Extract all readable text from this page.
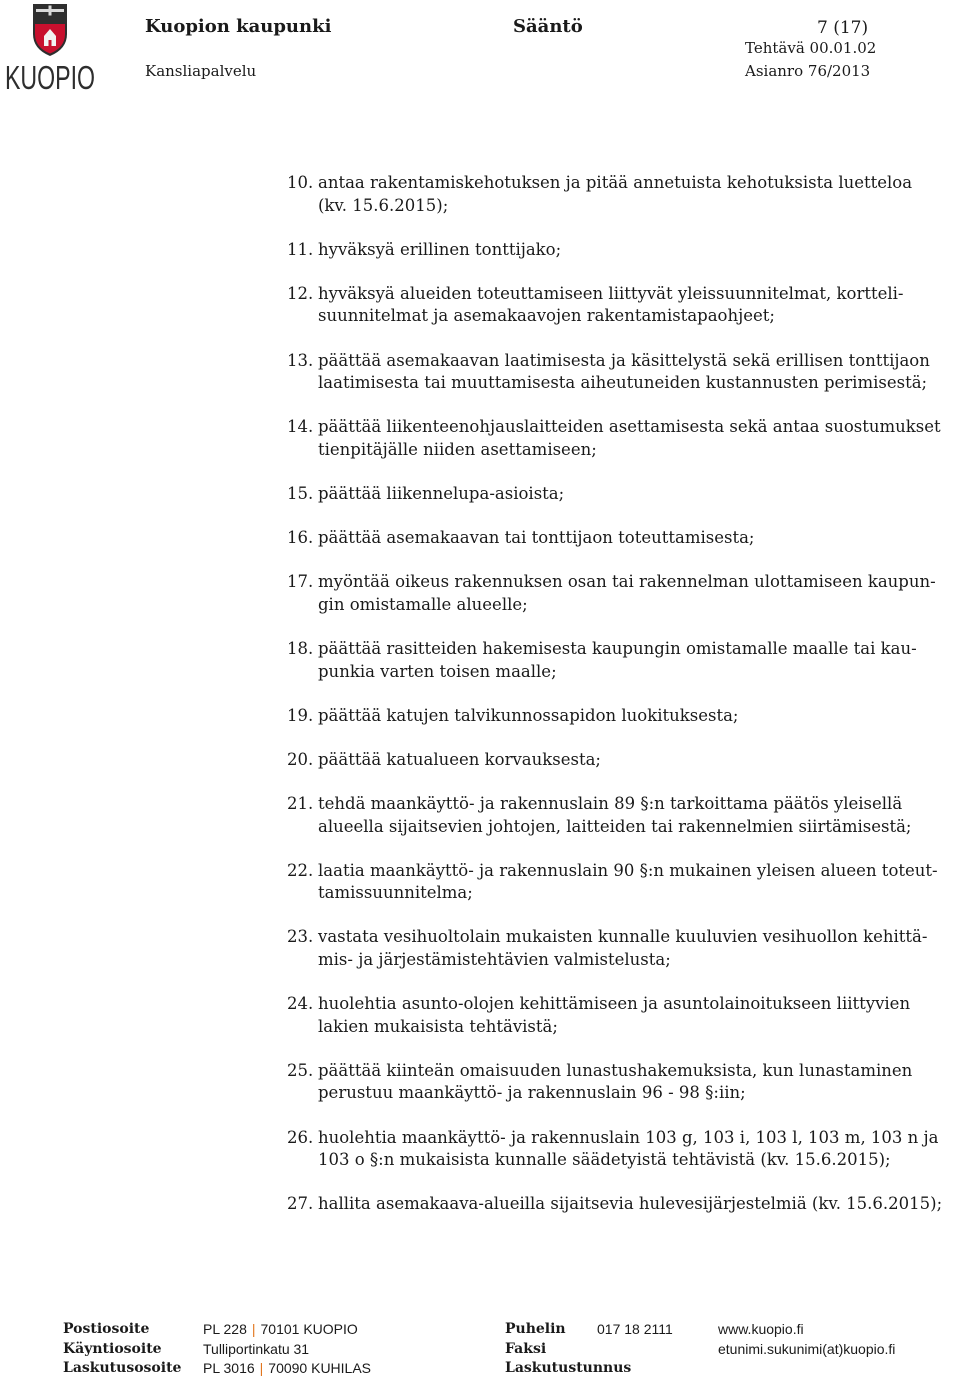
KUOPIO
Kuopion kaupunki	Sääntö	7 (17)
Tehtävä 00.01.02
Kansliapalvelu	Asianro 76/2013
10. antaa rakentamiskehotuksen ja pitää annetuista kehotuksista luetteloa
(kv. 15.6.2015);
11. hyväksyä erillinen tonttijako;
12. hyväksyä alueiden toteuttamiseen liittyvät yleissuunnitelmat, kortteli-
suunnitelmat ja asemakaavojen rakentamistapaohjeet;
13. päättää asemakaavan laatimisesta ja käsittelystä sekä erillisen tonttijaon
laatimisesta tai muuttamisesta aiheutuneiden kustannusten perimisestä;
14. päättää liikenteenohjauslaitteiden asettamisesta sekä antaa suostumukset
tienpitäjälle niiden asettamiseen;
15. päättää liikennelupa-asioista;
16. päättää asemakaavan tai tonttijaon toteuttamisesta;
17. myöntää oikeus rakennuksen osan tai rakennelman ulottamiseen kaupun-
gin omistamalle alueelle;
18. päättää rasitteiden hakemisesta kaupungin omistamalle maalle tai kau-
punkia varten toisen maalle;
19. päättää katujen talvikunnossapidon luokituksesta;
20. päättää katualueen korvauksesta;
21. tehdä maankäyttö- ja rakennuslain 89 §:n tarkoittama päätös yleisellä
alueella sijaitsevien johtojen, laitteiden tai rakennelmien siirtämisestä;
22. laatia maankäyttö- ja rakennuslain 90 §:n mukainen yleisen alueen toteut-
tamissuunnitelma;
23. vastata vesihuoltolain mukaisten kunnalle kuuluvien vesihuollon kehittä-
mis- ja järjestämistehtävien valmistelusta;
24. huolehtia asunto-olojen kehittämiseen ja asuntolainoitukseen liittyvien
lakien mukaisista tehtävistä;
25. päättää kiinteän omaisuuden lunastushakemuksista, kun lunastaminen
perustuu maankäyttö- ja rakennuslain 96 - 98 §:iin;
26. huolehtia maankäyttö- ja rakennuslain 103 g, 103 i, 103 l, 103 m, 103 n ja
103 o §:n mukaisista kunnalle säädetyistä tehtävistä (kv. 15.6.2015);
27. hallita asemakaava-alueilla sijaitsevia hulevesijärjestelmiä (kv. 15.6.2015);
Postiosoite	PL 228 | 70101 KUOPIO	Puhelin 017 18 2111	www.kuopio.fi
Käyntiosoite	Tulliportinkatu 31	Faksi	etunimi.sukunimi(at)kuopio.fi
Laskutusosoite PL 3016 | 70090 KUHILAS	Laskutustunnus
